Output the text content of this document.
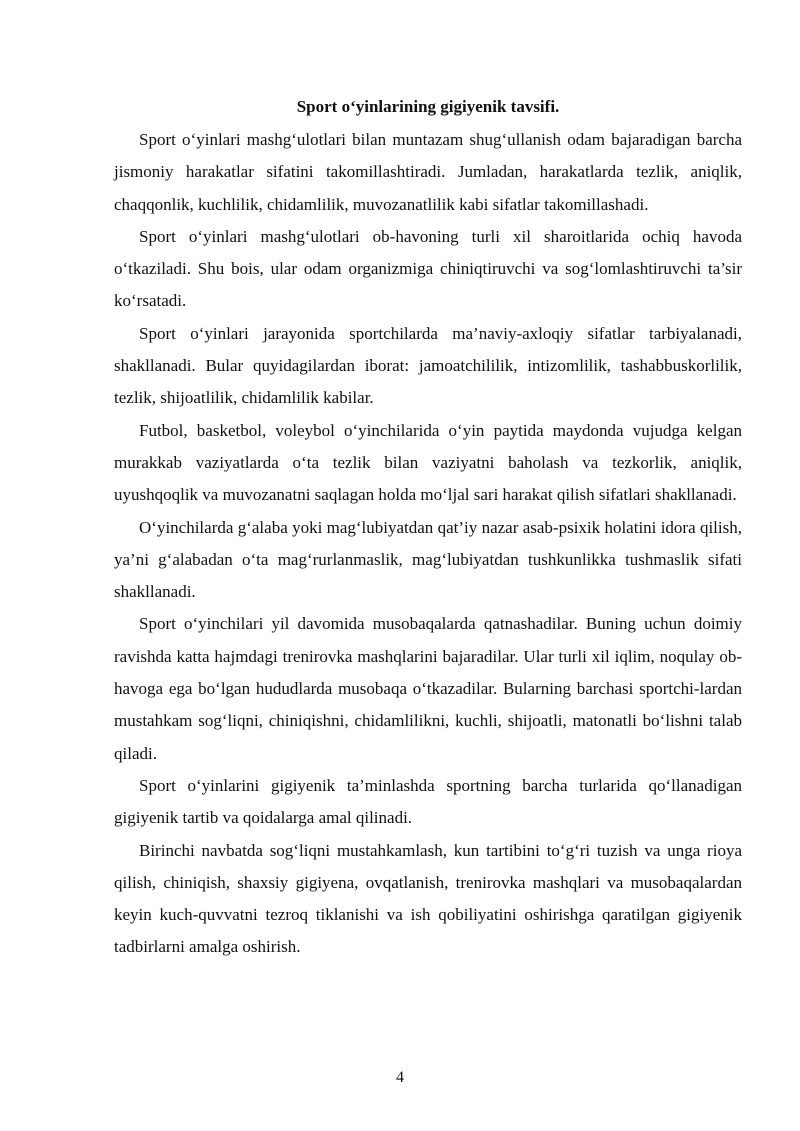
Sport o‘yinlarining gigiyenik tavsifi.

Sport o‘yinlari mashg‘ulotlari bilan muntazam shug‘ullanish odam bajaradigan barcha jismoniy harakatlar sifatini takomillashtiradi. Jumladan, harakatlarda tezlik, aniqlik, chaqqonlik, kuchlilik, chidamlilik, muvozanatlilik kabi sifatlar takomillashadi.

Sport o‘yinlari mashg‘ulotlari ob-havoning turli xil sharoitlarida ochiq havoda o‘tkaziladi. Shu bois, ular odam organizmiga chiniqtiruvchi va sog‘lomlashtiruvchi ta’sir ko‘rsatadi.

Sport o‘yinlari jarayonida sportchilarda ma’naviy-axloqiy sifatlar tarbiyalanadi, shakllanadi. Bular quyidagilardan iborat: jamoatchililik, intizomlilik, tashabbuskorlilik, tezlik, shijoatlilik, chidamlilik kabilar.

Futbol, basketbol, voleybol o‘yinchilarida o‘yin paytida maydonda vujudga kelgan murakkab vaziyatlarda o‘ta tezlik bilan vaziyatni baholash va tezkorlik, aniqlik, uyushqoqlik va muvozanatni saqlagan holda mo‘ljal sari harakat qilish sifatlari shakllanadi.

O‘yinchilarda g‘alaba yoki mag‘lubiyatdan qat’iy nazar asab-psixik holatini idora qilish, ya’ni g‘alabadan o‘ta mag‘rurlanmaslik, mag‘lubiyatdan tushkunlikka tushmaslik sifati shakllanadi.

Sport o‘yinchilari yil davomida musobaqalarda qatnashadilar. Buning uchun doimiy ravishda katta hajmdagi trenirovka mashqlarini bajaradilar. Ular turli xil iqlim, noqulay ob-havoga ega bo‘lgan hududlarda musobaqa o‘tkazadilar. Bularning barchasi sportchi-lardan mustahkam sog‘liqni, chiniqishni, chidamlilikni, kuchli, shijoatli, matonatli bo‘lishni talab qiladi.

Sport o‘yinlarini gigiyenik ta’minlashda sportning barcha turlarida qo‘llanadigan gigiyenik tartib va qoidalarga amal qilinadi.

Birinchi navbatda sog‘liqni mustahkamlash, kun tartibini to‘g‘ri tuzish va unga rioya qilish, chiniqish, shaxsiy gigiyena, ovqatlanish, trenirovka mashqlari va musobaqalardan keyin kuch-quvvatni tezroq tiklanishi va ish qobiliyatini oshirishga qaratilgan gigiyenik tadbirlarni amalga oshirish.

4
